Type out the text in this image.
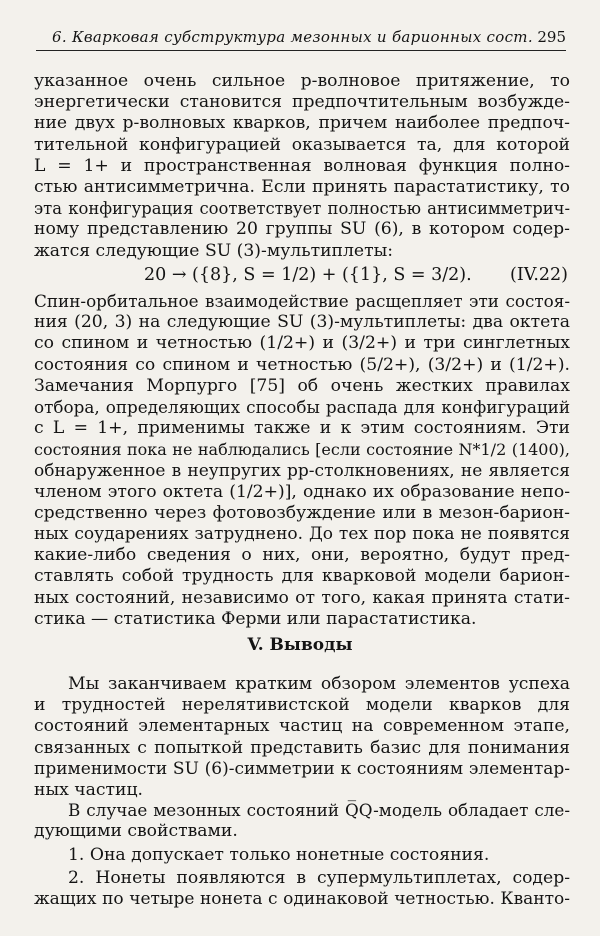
6. Кварковая субструктура мезонных и барионных сост. 295
указанное очень сильное p-волновое притяжение, то
энергетически становится предпочтительным возбужде-
ние двух p-волновых кварков, причем наиболее предпоч-
тительной конфигурацией оказывается та, для которой
L = 1+ и пространственная волновая функция полно-
стью антисимметрична. Если принять парастатистику, то
эта конфигурация соответствует полностью антисимметрич-
ному представлению 20 группы SU (6), в котором содер-
жатся следующие SU (3)-мультиплеты:
20 → ({8}, S = 1/2) + ({1}, S = 3/2). (IV.22)
Спин-орбитальное взаимодействие расщепляет эти состоя-
ния (20, 3) на следующие SU (3)-мультиплеты: два октета
со спином и четностью (1/2+) и (3/2+) и три синглетных
состояния со спином и четностью (5/2+), (3/2+) и (1/2+).
Замечания Морпурго [75] об очень жестких правилах
отбора, определяющих способы распада для конфигураций
с L = 1+, применимы также и к этим состояниям. Эти
состояния пока не наблюдались [если состояние N*1/2 (1400),
обнаруженное в неупругих pp-столкновениях, не является
членом этого октета (1/2+)], однако их образование непо-
средственно через фотовозбуждение или в мезон-барион-
ных соударениях затруднено. До тех пор пока не появятся
какие-либо сведения о них, они, вероятно, будут пред-
ставлять собой трудность для кварковой модели барион-
ных состояний, независимо от того, какая принята стати-
стика — статистика Ферми или парастатистика.
V. Выводы
Мы заканчиваем кратким обзором элементов успеха
и трудностей нерелятивистской модели кварков для
состояний элементарных частиц на современном этапе,
связанных с попыткой представить базис для понимания
применимости SU (6)-симметрии к состояниям элементар-
ных частиц.
В случае мезонных состояний Q̅Q-модель обладает сле-
дующими свойствами.
1. Она допускает только нонетные состояния.
2. Нонеты появляются в супермультиплетах, содер-
жащих по четыре нонета с одинаковой четностью. Кванто-
